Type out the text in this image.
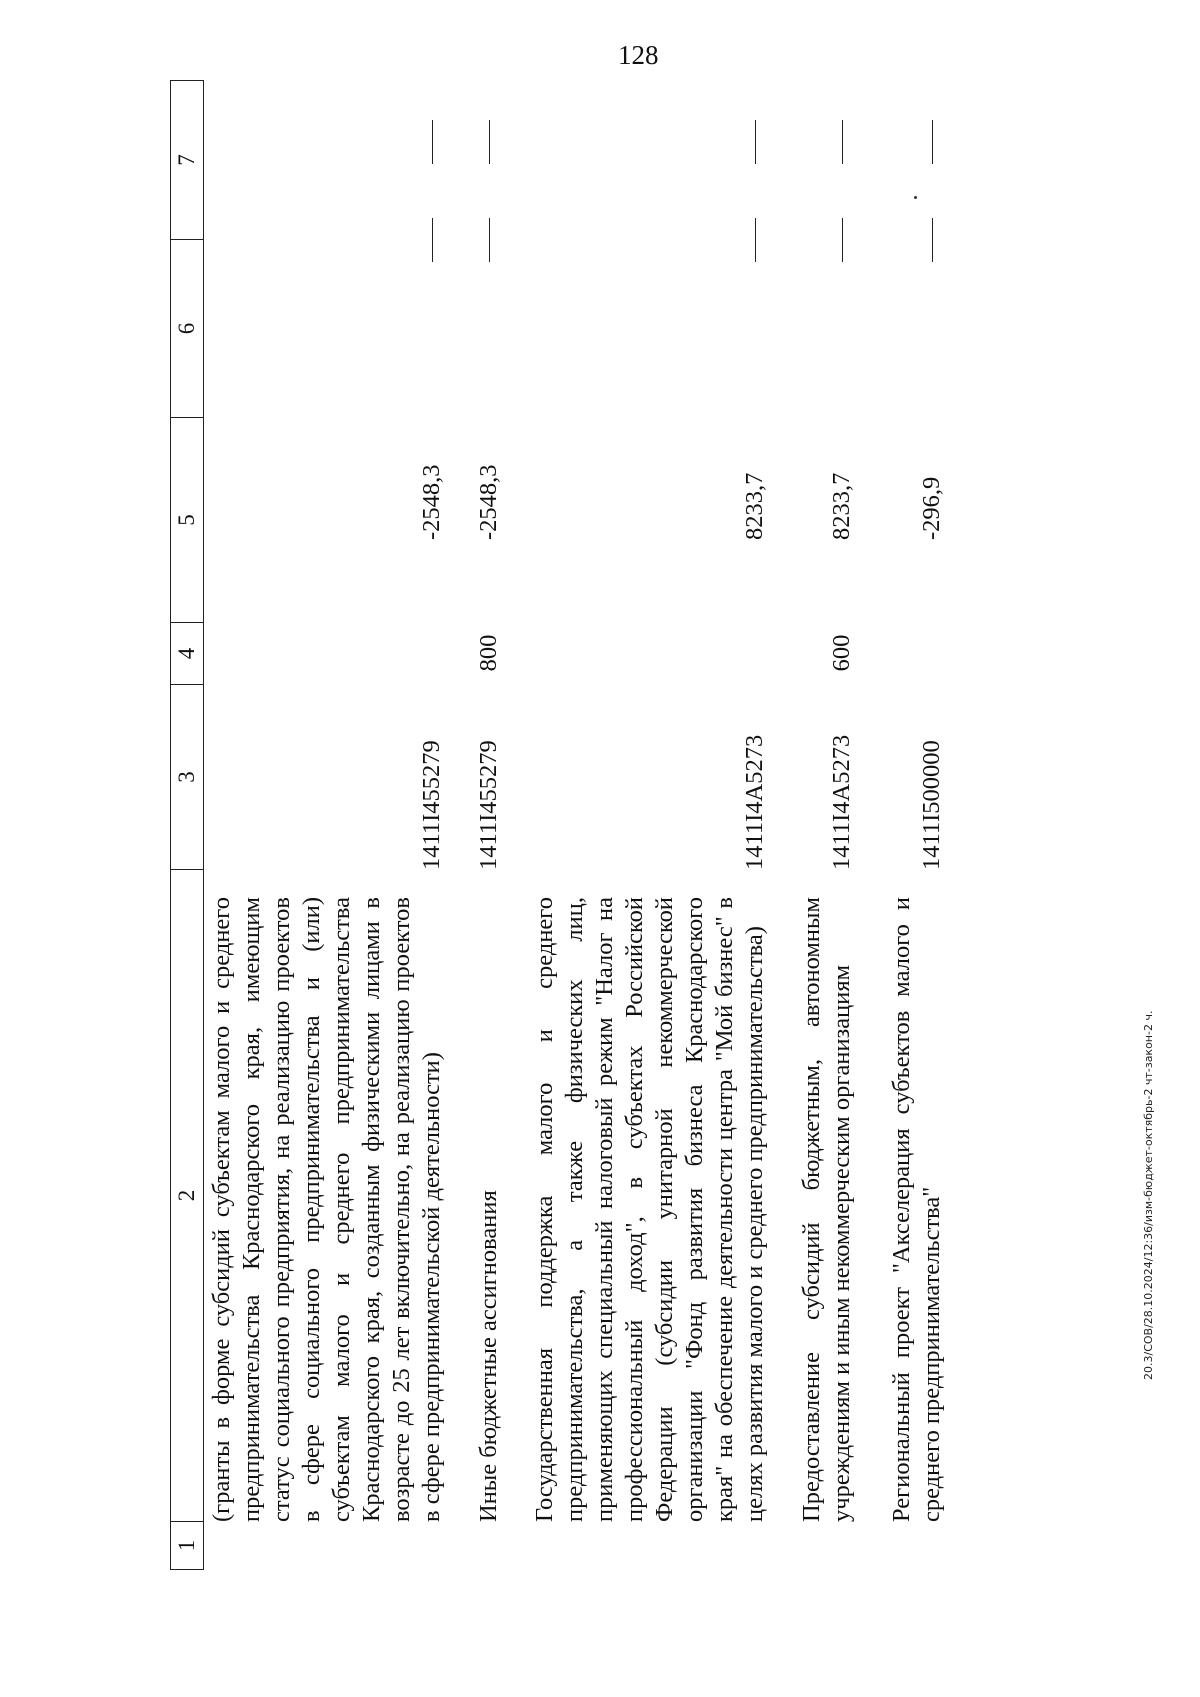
128
1
2
3
4
5
6
7
(гранты в форме субсидий субъектам малого и среднего предпринимательства Краснодарского края, имеющим статус социального предприятия, на реализацию проектов в сфере социального предпринимательства и (или) субъектам малого и среднего предпринимательства Краснодарского края, созданным физическими лицами в возрасте до 25 лет включительно, на реализацию проектов в сфере предпринимательской деятельности)
1411I455279
-2548,3
Иные бюджетные ассигнования
1411I455279
800
-2548,3
Государственная поддержка малого и среднего предпринимательства, а также физических лиц, применяющих специальный налоговый режим "Налог на профессиональный доход", в субъектах Российской Федерации (субсидии унитарной некоммерческой организации "Фонд развития бизнеса Краснодарского края" на обеспечение деятельности центра "Мой бизнес" в целях развития малого и среднего предпринимательства)
1411I4A5273
8233,7
Предоставление субсидий бюджетным, автономным учреждениям и иным некоммерческим организациям
1411I4A5273
600
8233,7
Региональный проект "Акселерация субъектов малого и среднего предпринимательства"
1411I500000
-296,9
20.3/СОВ/28.10.2024/12:36/изм-бюджет-октябрь-2 чт-закон-2 ч.
